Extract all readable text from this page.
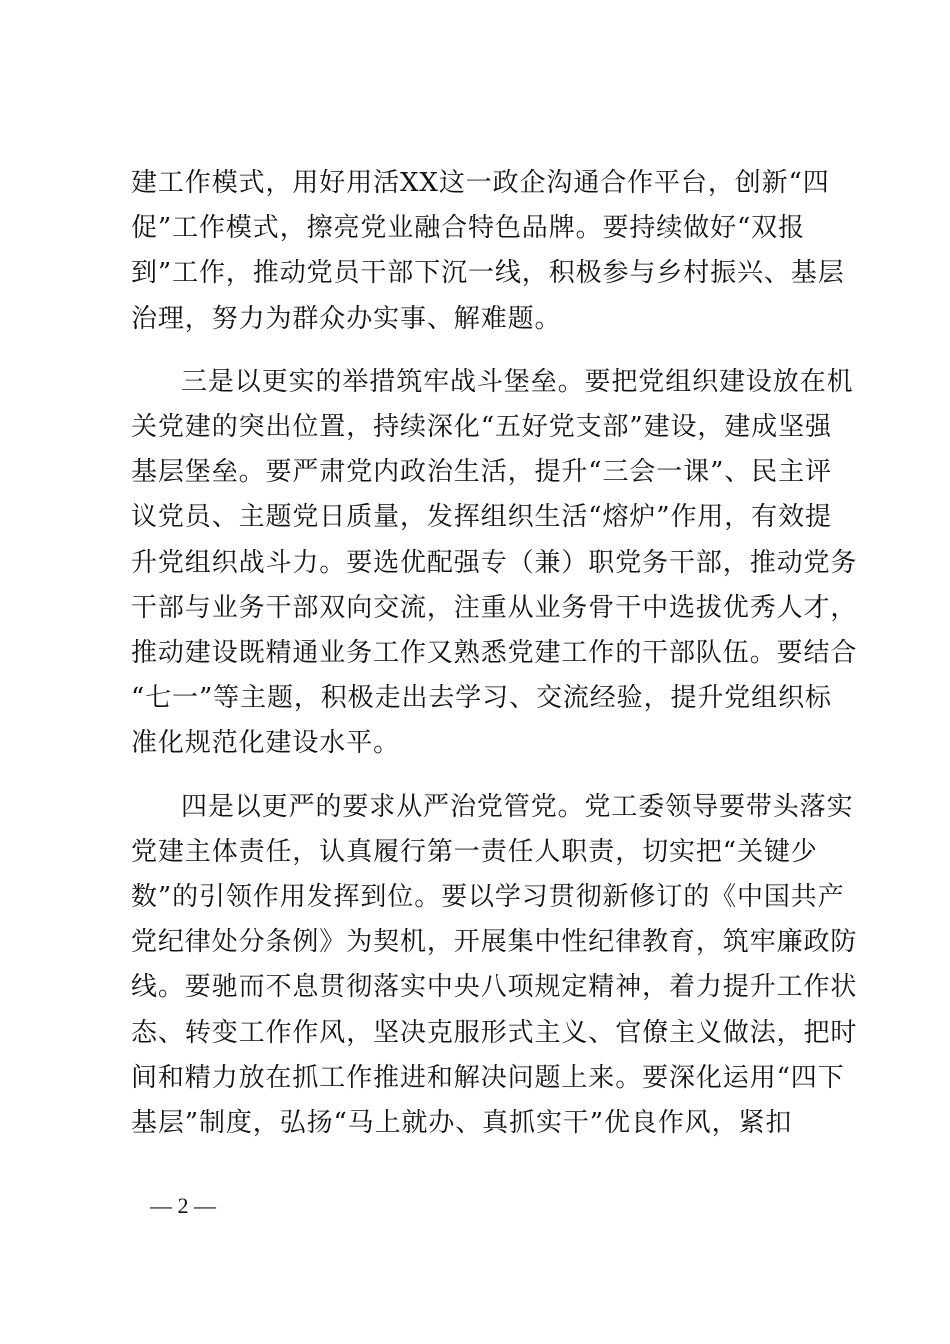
建工作模式，用好用活XX这一政企沟通合作平台，创新“四
促”工作模式，擦亮党业融合特色品牌。要持续做好“双报
到”工作，推动党员干部下沉一线，积极参与乡村振兴、基层
治理，努力为群众办实事、解难题。
三是以更实的举措筑牢战斗堡垒。要把党组织建设放在机
关党建的突出位置，持续深化“五好党支部”建设，建成坚强
基层堡垒。要严肃党内政治生活，提升“三会一课”、民主评
议党员、主题党日质量，发挥组织生活“熔炉”作用，有效提
升党组织战斗力。要选优配强专（兼）职党务干部，推动党务
干部与业务干部双向交流，注重从业务骨干中选拔优秀人才，
推动建设既精通业务工作又熟悉党建工作的干部队伍。要结合
“七一”等主题，积极走出去学习、交流经验，提升党组织标
准化规范化建设水平。
四是以更严的要求从严治党管党。党工委领导要带头落实
党建主体责任，认真履行第一责任人职责，切实把“关键少
数”的引领作用发挥到位。要以学习贯彻新修订的《中国共产
党纪律处分条例》为契机，开展集中性纪律教育，筑牢廉政防
线。要驰而不息贯彻落实中央八项规定精神，着力提升工作状
态、转变工作作风，坚决克服形式主义、官僚主义做法，把时
间和精力放在抓工作推进和解决问题上来。要深化运用“四下
基层”制度，弘扬“马上就办、真抓实干”优良作风，紧扣
— 2 —
